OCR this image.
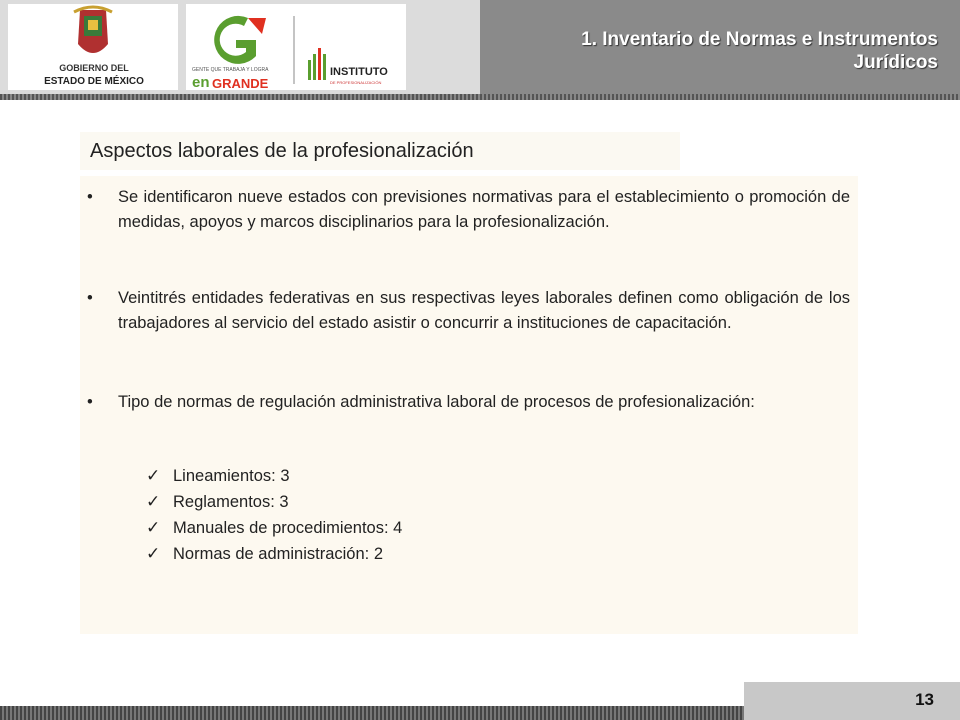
GOBIERNO DEL
ESTADO DE MÉXICO
GENTE QUE TRABAJA Y LOGRA
en GRANDE
INSTITUTO
DE PROFESIONALIZACIÓN
1. Inventario de Normas e Instrumentos
Jurídicos
Aspectos laborales de la profesionalización
• Se identificaron nueve estados con previsiones normativas para el establecimiento o promoción de medidas, apoyos y marcos disciplinarios para la profesionalización.
• Veintitrés entidades federativas en sus respectivas leyes laborales definen como obligación de los trabajadores al servicio del estado asistir o concurrir a instituciones de capacitación.
• Tipo de normas de regulación administrativa laboral de procesos de profesionalización:
✓ Lineamientos: 3
✓ Reglamentos: 3
✓ Manuales de procedimientos: 4
✓ Normas de administración: 2
13
